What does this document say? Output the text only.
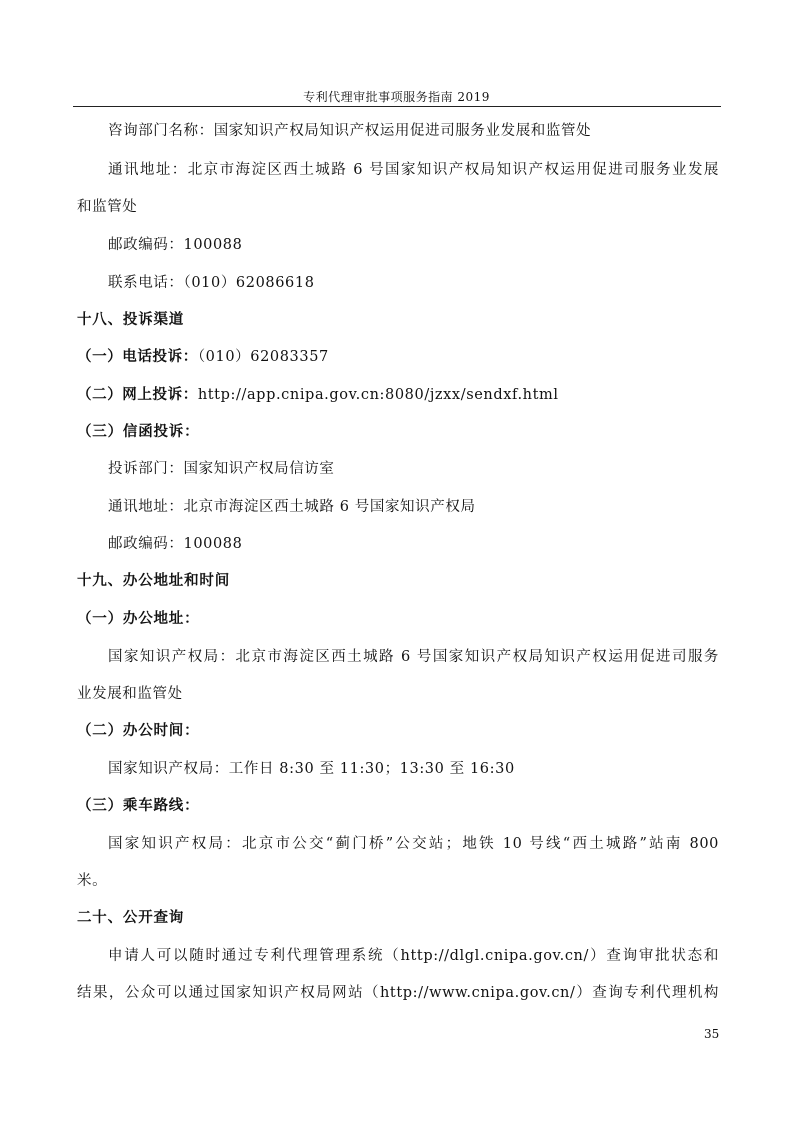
专利代理审批事项服务指南 2019
咨询部门名称：国家知识产权局知识产权运用促进司服务业发展和监管处
通讯地址：北京市海淀区西土城路 6 号国家知识产权局知识产权运用促进司服务业发展
和监管处
邮政编码：100088
联系电话：（010）62086618
十八、投诉渠道
（一）电话投诉：（010）62083357
（二）网上投诉：http://app.cnipa.gov.cn:8080/jzxx/sendxf.html
（三）信函投诉：
投诉部门：国家知识产权局信访室
通讯地址：北京市海淀区西土城路 6 号国家知识产权局
邮政编码：100088
十九、办公地址和时间
（一）办公地址：
国家知识产权局：北京市海淀区西土城路 6 号国家知识产权局知识产权运用促进司服务
业发展和监管处
（二）办公时间：
国家知识产权局：工作日 8:30 至 11:30；13:30 至 16:30
（三）乘车路线：
国家知识产权局：北京市公交“蓟门桥”公交站；地铁 10 号线“西土城路”站南 800
米。
二十、公开查询
申请人可以随时通过专利代理管理系统（http://dlgl.cnipa.gov.cn/）查询审批状态和
结果，公众可以通过国家知识产权局网站（http://www.cnipa.gov.cn/）查询专利代理机构
35
